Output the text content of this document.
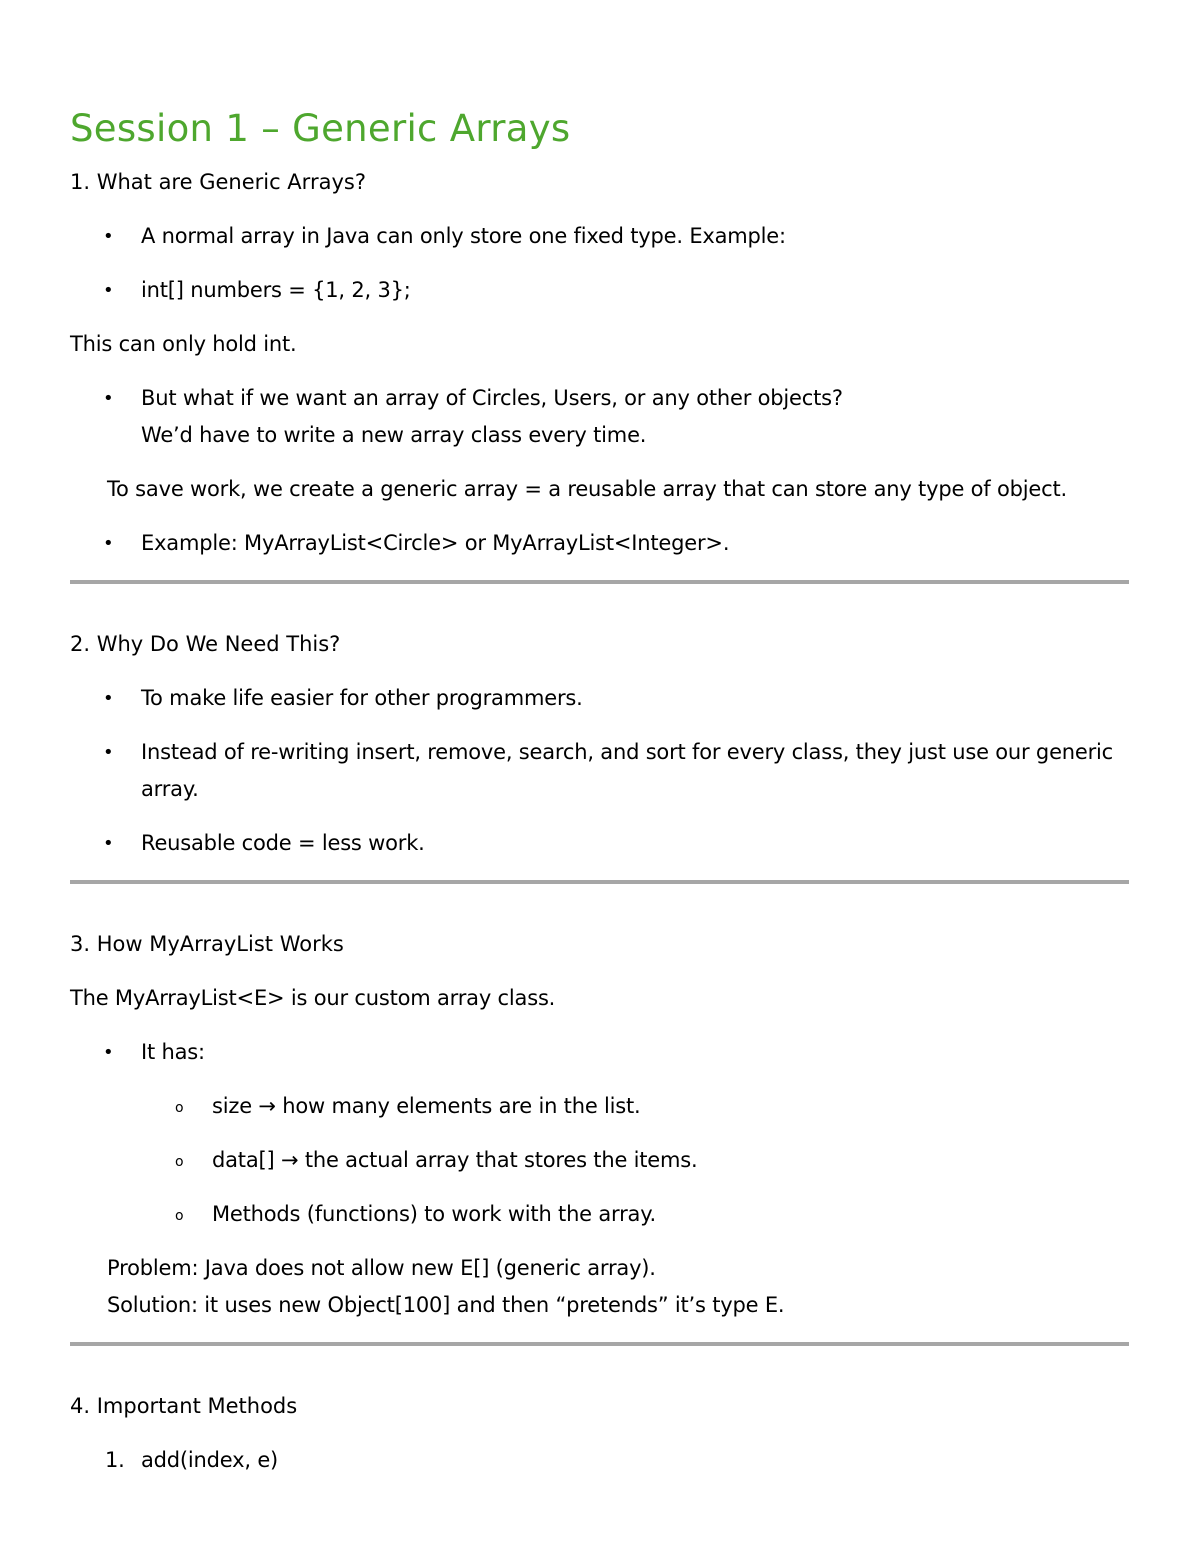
Session 1 – Generic Arrays
1. What are Generic Arrays?
• A normal array in Java can only store one fixed type. Example:
• int[] numbers = {1, 2, 3};
This can only hold int.
• But what if we want an array of Circles, Users, or any other objects?
We’d have to write a new array class every time.
To save work, we create a generic array = a reusable array that can store any type of object.
• Example: MyArrayList<Circle> or MyArrayList<Integer>.
2. Why Do We Need This?
• To make life easier for other programmers.
• Instead of re-writing insert, remove, search, and sort for every class, they just use our generic array.
• Reusable code = less work.
3. How MyArrayList Works
The MyArrayList<E> is our custom array class.
• It has:
o size → how many elements are in the list.
o data[] → the actual array that stores the items.
o Methods (functions) to work with the array.
Problem: Java does not allow new E[] (generic array).
Solution: it uses new Object[100] and then “pretends” it’s type E.
4. Important Methods
1. add(index, e)
